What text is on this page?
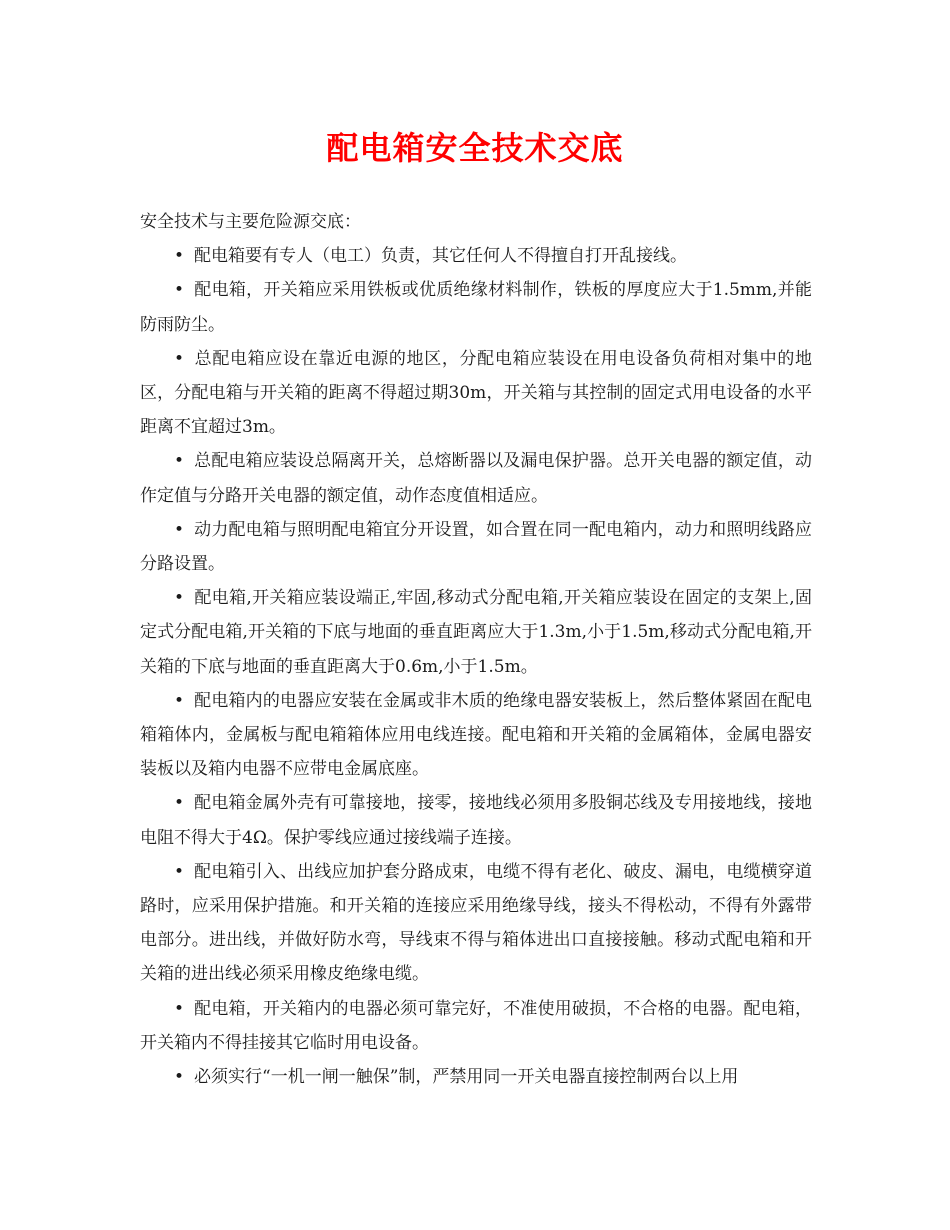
配电箱安全技术交底

安全技术与主要危险源交底：

• 配电箱要有专人（电工）负责，其它任何人不得擅自打开乱接线。

• 配电箱，开关箱应采用铁板或优质绝缘材料制作，铁板的厚度应大于1.5mm,并能防雨防尘。

• 总配电箱应设在靠近电源的地区，分配电箱应装设在用电设备负荷相对集中的地区，分配电箱与开关箱的距离不得超过期30m，开关箱与其控制的固定式用电设备的水平距离不宜超过3m。

• 总配电箱应装设总隔离开关，总熔断器以及漏电保护器。总开关电器的额定值，动作定值与分路开关电器的额定值，动作态度值相适应。

• 动力配电箱与照明配电箱宜分开设置，如合置在同一配电箱内，动力和照明线路应分路设置。

• 配电箱,开关箱应装设端正,牢固,移动式分配电箱,开关箱应装设在固定的支架上,固定式分配电箱,开关箱的下底与地面的垂直距离应大于1.3m,小于1.5m,移动式分配电箱,开关箱的下底与地面的垂直距离大于0.6m,小于1.5m。

• 配电箱内的电器应安装在金属或非木质的绝缘电器安装板上，然后整体紧固在配电箱箱体内，金属板与配电箱箱体应用电线连接。配电箱和开关箱的金属箱体，金属电器安装板以及箱内电器不应带电金属底座。

• 配电箱金属外壳有可靠接地，接零，接地线必须用多股铜芯线及专用接地线，接地电阻不得大于4Ω。保护零线应通过接线端子连接。

• 配电箱引入、出线应加护套分路成束，电缆不得有老化、破皮、漏电，电缆横穿道路时，应采用保护措施。和开关箱的连接应采用绝缘导线，接头不得松动，不得有外露带电部分。进出线，并做好防水弯，导线束不得与箱体进出口直接接触。移动式配电箱和开关箱的进出线必须采用橡皮绝缘电缆。

• 配电箱，开关箱内的电器必须可靠完好，不准使用破损，不合格的电器。配电箱，开关箱内不得挂接其它临时用电设备。

• 必须实行“一机一闸一触保”制，严禁用同一开关电器直接控制两台以上用
